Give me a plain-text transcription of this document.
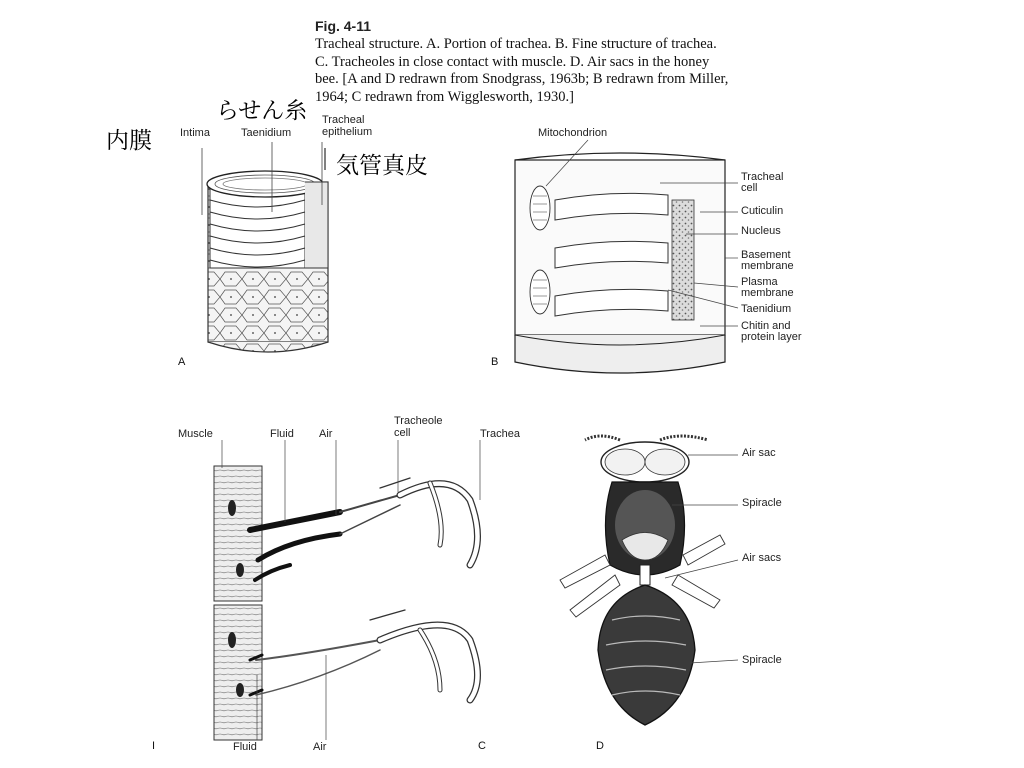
Fig. 4-11
Tracheal structure. A. Portion of trachea. B. Fine structure of trachea.
C. Tracheoles in close contact with muscle. D. Air sacs in the honey
bee. [A and D redrawn from Snodgrass, 1963b; B redrawn from Miller,
1964; C redrawn from Wigglesworth, 1930.]
らせん糸
内膜
気管真皮
Intima	Taenidium
Tracheal
epithelium
A
Mitochondrion
Tracheal
cell
Cuticulin
Nucleus
Basement
membrane
Plasma
membrane
Taenidium
Chitin and
protein layer
B
Muscle	Fluid Air
Tracheole
cell	Trachea
Fluid	Air
I	C
Air sac
Spiracle
Air sacs
Spiracle
D
